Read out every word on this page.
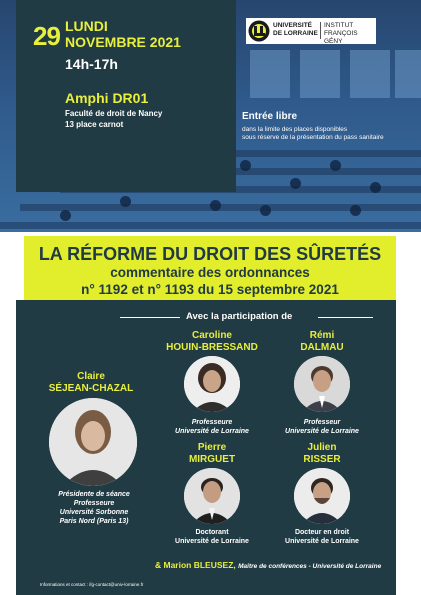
29 LUNDI
NOVEMBRE 2021
14h-17h
Amphi DR01
Faculté de droit de Nancy
13 place carnot
UNIVERSITÉ
DE LORRAINE
INSTITUT
FRANÇOIS GÉNY
Entrée libre
dans la limite des places disponibles
sous réserve de la présentation du pass sanitaire
LA RÉFORME DU DROIT DES SÛRETÉS
commentaire des ordonnances
n° 1192 et n° 1193 du 15 septembre 2021
Avec la participation de
Claire
SÉJEAN-CHAZAL
Présidente de séance
Professeure
Université Sorbonne
Paris Nord (Paris 13)
Caroline
HOUIN-BRESSAND
Professeure
Université de Lorraine
Rémi
DALMAU
Professeur
Université de Lorraine
Pierre
MIRGUET
Doctorant
Université de Lorraine
Julien
RISSER
Docteur en droit
Université de Lorraine
& Marion BLEUSEZ, Maître de conférences - Université de Lorraine
Informations et contact : ifg-contact@univ-lorraine.fr
